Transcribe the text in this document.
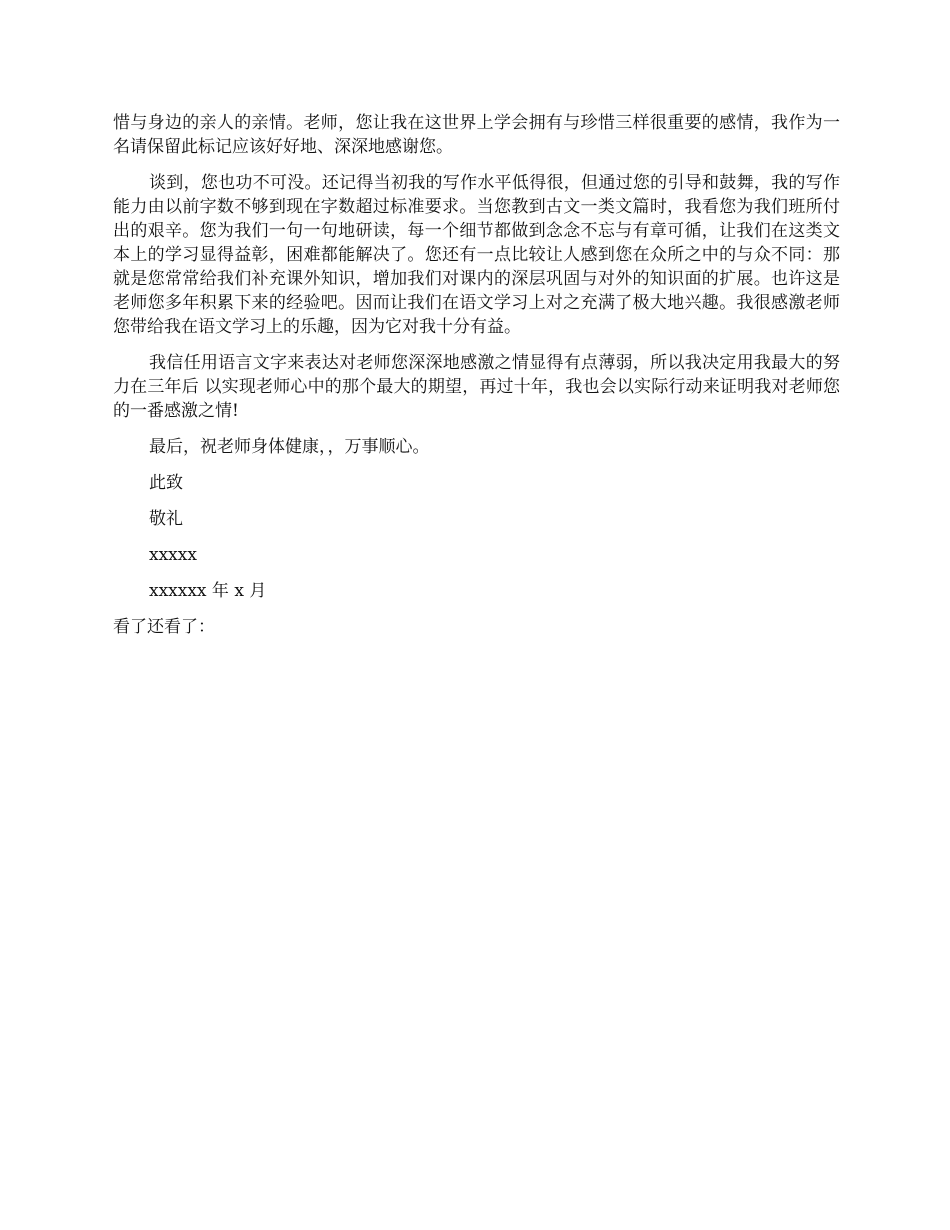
惜与身边的亲人的亲情。老师，您让我在这世界上学会拥有与珍惜三样很重要的感情，我作为一名请保留此标记应该好好地、深深地感谢您。

谈到，您也功不可没。还记得当初我的写作水平低得很，但通过您的引导和鼓舞，我的写作能力由以前字数不够到现在字数超过标准要求。当您教到古文一类文篇时，我看您为我们班所付出的艰辛。您为我们一句一句地研读，每一个细节都做到念念不忘与有章可循，让我们在这类文本上的学习显得益彰，困难都能解决了。您还有一点比较让人感到您在众所之中的与众不同：那就是您常常给我们补充课外知识，增加我们对课内的深层巩固与对外的知识面的扩展。也许这是老师您多年积累下来的经验吧。因而让我们在语文学习上对之充满了极大地兴趣。我很感激老师您带给我在语文学习上的乐趣，因为它对我十分有益。

我信任用语言文字来表达对老师您深深地感激之情显得有点薄弱，所以我决定用我最大的努力在三年后 以实现老师心中的那个最大的期望，再过十年，我也会以实际行动来证明我对老师您的一番感激之情!

最后，祝老师身体健康，，万事顺心。

此致

敬礼

xxxxx

xxxxxx 年 x 月

看了还看了：
